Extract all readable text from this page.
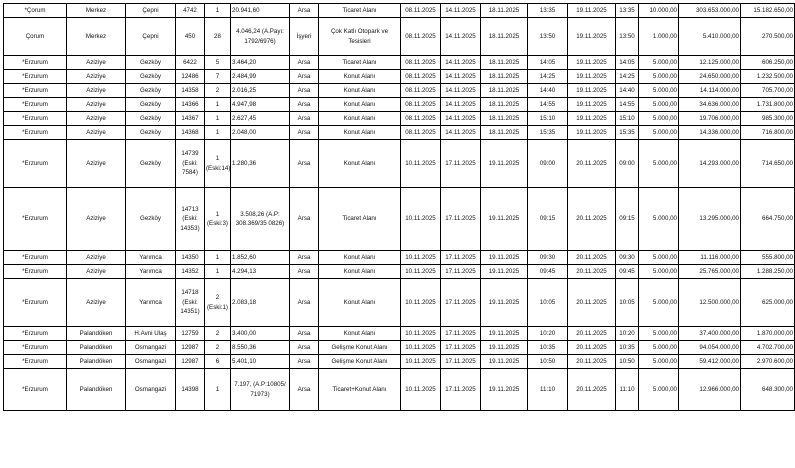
*Çorum	Merkez	Çepni	4742	1	20.941,60	Arsa	Ticaret Alanı	08.11.2025	14.11.2025	18.11.2025	13:35	19.11.2025	13:35	10.000,00	303.653.000,00	15.182.650,00
Çorum	Merkez	Çepni	450	28	4.046,24 (A.Payı: 1792/6976)	İşyeri	Çok Katlı Otopark ve Tesisleri	08.11.2025	14.11.2025	18.11.2025	13:50	19.11.2025	13:50	1.000,00	5.410.000,00	270.500,00
*Erzurum	Aziziye	Gezköy	6422	5	3.464,20	Arsa	Ticaret Alanı	08.11.2025	14.11.2025	18.11.2025	14:05	19.11.2025	14:05	5.000,00	12.125.000,00	606.250,00
*Erzurum	Aziziye	Gezköy	12486	7	2.484,99	Arsa	Konut Alanı	08.11.2025	14.11.2025	18.11.2025	14:25	19.11.2025	14:25	5.000,00	24.650.000,00	1.232.500,00
*Erzurum	Aziziye	Gezköy	14358	2	2.016,25	Arsa	Konut Alanı	08.11.2025	14.11.2025	18.11.2025	14:40	19.11.2025	14:40	5.000,00	14.114.000,00	705.700,00
*Erzurum	Aziziye	Gezköy	14366	1	4.947,98	Arsa	Konut Alanı	08.11.2025	14.11.2025	18.11.2025	14:55	19.11.2025	14:55	5.000,00	34.636.000,00	1.731.800,00
*Erzurum	Aziziye	Gezköy	14367	1	2.627,45	Arsa	Konut Alanı	08.11.2025	14.11.2025	18.11.2025	15:10	19.11.2025	15:10	5.000,00	19.706.000,00	985.300,00
*Erzurum	Aziziye	Gezköy	14368	1	2.048,00	Arsa	Konut Alanı	08.11.2025	14.11.2025	18.11.2025	15:35	19.11.2025	15:35	5.000,00	14.336.000,00	716.800,00
*Erzurum	Aziziye	Gezköy	14739 (Eski: 7584)	1 (Eski:14)	1.280,36	Arsa	Konut Alanı	10.11.2025	17.11.2025	19.11.2025	09:00	20.11.2025	09:00	5.000,00	14.293.000,00	714.650,00
*Erzurum	Aziziye	Gezköy	14713 (Eski: 14353)	1 (Eski:3)	3.508,26 (A.P: 308.369/35 0826)	Arsa	Ticaret Alanı	10.11.2025	17.11.2025	19.11.2025	09:15	20.11.2025	09:15	5.000,00	13.295.000,00	664.750,00
*Erzurum	Aziziye	Yarımca	14350	1	1.852,60	Arsa	Konut Alanı	10.11.2025	17.11.2025	19.11.2025	09:30	20.11.2025	09:30	5.000,00	11.116.000,00	555.800,00
*Erzurum	Aziziye	Yarımca	14352	1	4.294,13	Arsa	Konut Alanı	10.11.2025	17.11.2025	19.11.2025	09:45	20.11.2025	09:45	5.000,00	25.765.000,00	1.288.250,00
*Erzurum	Aziziye	Yarımca	14718 (Eski: 14351)	2 (Eski:1)	2.083,18	Arsa	Konut Alanı	10.11.2025	17.11.2025	19.11.2025	10:05	20.11.2025	10:05	5.000,00	12.500.000,00	625.000,00
*Erzurum	Palandöken	H.Avni Ulaş	12759	2	3.400,00	Arsa	Konut Alanı	10.11.2025	17.11.2025	19.11.2025	10:20	20.11.2025	10:20	5.000,00	37.400.000,00	1.870.000,00
*Erzurum	Palandöken	Osmangazi	12987	2	8.550,36	Arsa	Gelişme Konut Alanı	10.11.2025	17.11.2025	19.11.2025	10:35	20.11.2025	10:35	5.000,00	94.054.000,00	4.702.700,00
*Erzurum	Palandöken	Osmangazi	12987	6	5.401,10	Arsa	Gelişme Konut Alanı	10.11.2025	17.11.2025	19.11.2025	10:50	20.11.2025	10:50	5.000,00	59.412.000,00	2.970.600,00
*Erzurum	Palandöken	Osmangazi	14398	1	7.197, (A.P:10805/ 71973)	Arsa	Ticaret+Konut Alanı	10.11.2025	17.11.2025	19.11.2025	11:10	20.11.2025	11:10	5.000,00	12.966.000,00	648.300,00
